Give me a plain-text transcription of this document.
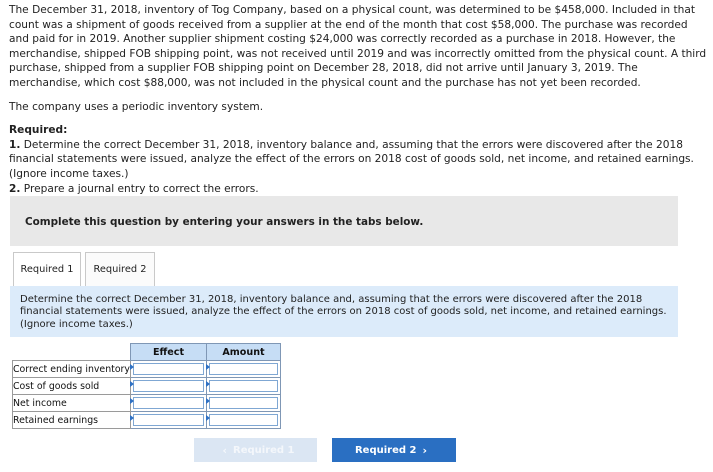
The December 31, 2018, inventory of Tog Company, based on a physical count, was determined to be $458,000. Included in that count was a shipment of goods received from a supplier at the end of the month that cost $58,000. The purchase was recorded and paid for in 2019. Another supplier shipment costing $24,000 was correctly recorded as a purchase in 2018. However, the merchandise, shipped FOB shipping point, was not received until 2019 and was incorrectly omitted from the physical count. A third purchase, shipped from a supplier FOB shipping point on December 28, 2018, did not arrive until January 3, 2019. The merchandise, which cost $88,000, was not included in the physical count and the purchase has not yet been recorded.

The company uses a periodic inventory system.

Required:

1. Determine the correct December 31, 2018, inventory balance and, assuming that the errors were discovered after the 2018 financial statements were issued, analyze the effect of the errors on 2018 cost of goods sold, net income, and retained earnings. (Ignore income taxes.)

2. Prepare a journal entry to correct the errors.

Complete this question by entering your answers in the tabs below.
Required 1	Required 2
Determine the correct December 31, 2018, inventory balance and, assuming that the errors were discovered after the 2018 financial statements were issued, analyze the effect of the errors on 2018 cost of goods sold, net income, and retained earnings. (Ignore income taxes.)
	Effect	Amount
Correct ending inventory	

Cost of goods sold	

Net income	

Retained earnings	

‹ Required 1	Required 2 ›
